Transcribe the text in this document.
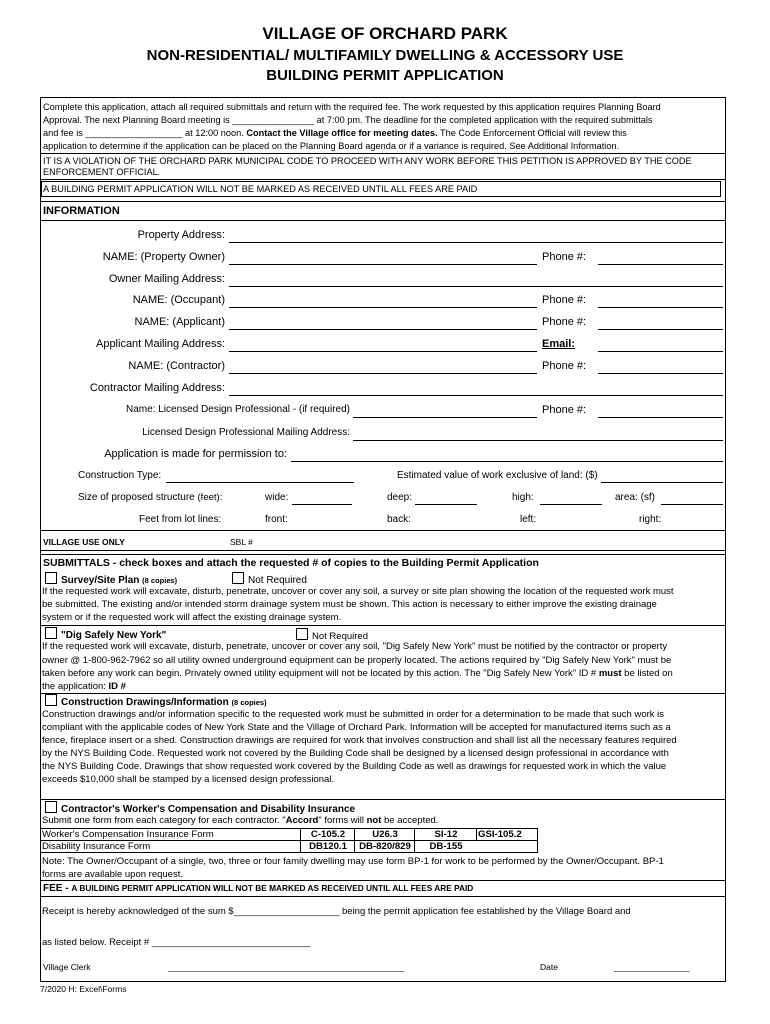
VILLAGE OF ORCHARD PARK
NON-RESIDENTIAL/ MULTIFAMILY DWELLING & ACCESSORY USE
BUILDING PERMIT APPLICATION
Complete this application, attach all required submittals and return with the required fee. The work requested by this application requires Planning Board
Approval. The next Planning Board meeting is ________________ at 7:00 pm. The deadline for the completed application with the required submittals
and fee is ___________________ at 12:00 noon. Contact the Village office for meeting dates. The Code Enforcement Official will review this
application to determine if the application can be placed on the Planning Board agenda or if a variance is required. See Additional Information.
IT IS A VIOLATION OF THE ORCHARD PARK MUNICIPAL CODE TO PROCEED WITH ANY WORK BEFORE THIS PETITION IS APPROVED BY THE CODE
ENFORCEMENT OFFICIAL.
A BUILDING PERMIT APPLICATION WILL NOT BE MARKED AS RECEIVED UNTIL ALL FEES ARE PAID
INFORMATION
Property Address:
NAME: (Property Owner)	Phone #:
Owner Mailing Address:
NAME: (Occupant)	Phone #:
NAME: (Applicant)	Phone #:
Applicant Mailing Address:	Email:
NAME: (Contractor)	Phone #:
Contractor Mailing Address:
Name: Licensed Design Professional - (if required)	Phone #:
Licensed Design Professional Mailing Address:
Application is made for permission to:
Construction Type:	Estimated value of work exclusive of land: ($)
Size of proposed structure (feet):	wide:	deep:	high:	area: (sf)
Feet from lot lines:	front:	back:	left:	right:
VILLAGE USE ONLY	SBL #
SUBMITTALS - check boxes and attach the requested # of copies to the Building Permit Application
Survey/Site Plan (8 copies)	Not Required
If the requested work will excavate, disturb, penetrate, uncover or cover any soil, a survey or site plan showing the location of the requested work must
be submitted. The existing and/or intended storm drainage system must be shown. This action is necessary to either improve the existing drainage
system or if the requested work will affect the existing drainage system.
"Dig Safely New York"	Not Required
If the requested work will excavate, disturb, penetrate, uncover or cover any soil, "Dig Safely New York" must be notified by the contractor or property
owner @ 1-800-962-7962 so all utility owned underground equipment can be properly located. The actions required by "Dig Safely New York" must be
taken before any work can begin. Privately owned utility equipment will not be located by this action. The "Dig Safely New York" ID # must be listed on
the application: ID #
Construction Drawings/Information (8 copies)
Construction drawings and/or information specific to the requested work must be submitted in order for a determination to be made that such work is
compliant with the applicable codes of New York State and the Village of Orchard Park. Information will be accepted for manufactured items such as a
fence, fireplace insert or a shed. Construction drawings are required for work that involves construction and shall list all the necessary features required
by the NYS Building Code. Requested work not covered by the Building Code shall be designed by a licensed design professional in accordance with
the NYS Building Code. Drawings that show requested work covered by the Building Code as well as drawings for requested work in which the value
exceeds $10,000 shall be stamped by a licensed design professional.
Contractor's Worker's Compensation and Disability Insurance
Submit one form from each category for each contractor. "Accord" forms will not be accepted.
Worker's Compensation Insurance Form	C-105.2	U26.3	SI-12	GSI-105.2
Disability Insurance Form	DB120.1	DB-820/829	DB-155
Note: The Owner/Occupant of a single, two, three or four family dwelling may use form BP-1 for work to be performed by the Owner/Occupant. BP-1
forms are available upon request.
FEE - A BUILDING PERMIT APPLICATION WILL NOT BE MARKED AS RECEIVED UNTIL ALL FEES ARE PAID
Receipt is hereby acknowledged of the sum $____________________ being the permit application fee established by the Village Board and
as listed below. Receipt # ______________________________
Village Clerk	__________________________________________________	Date	________________
7/2020 H: Excel\Forms
